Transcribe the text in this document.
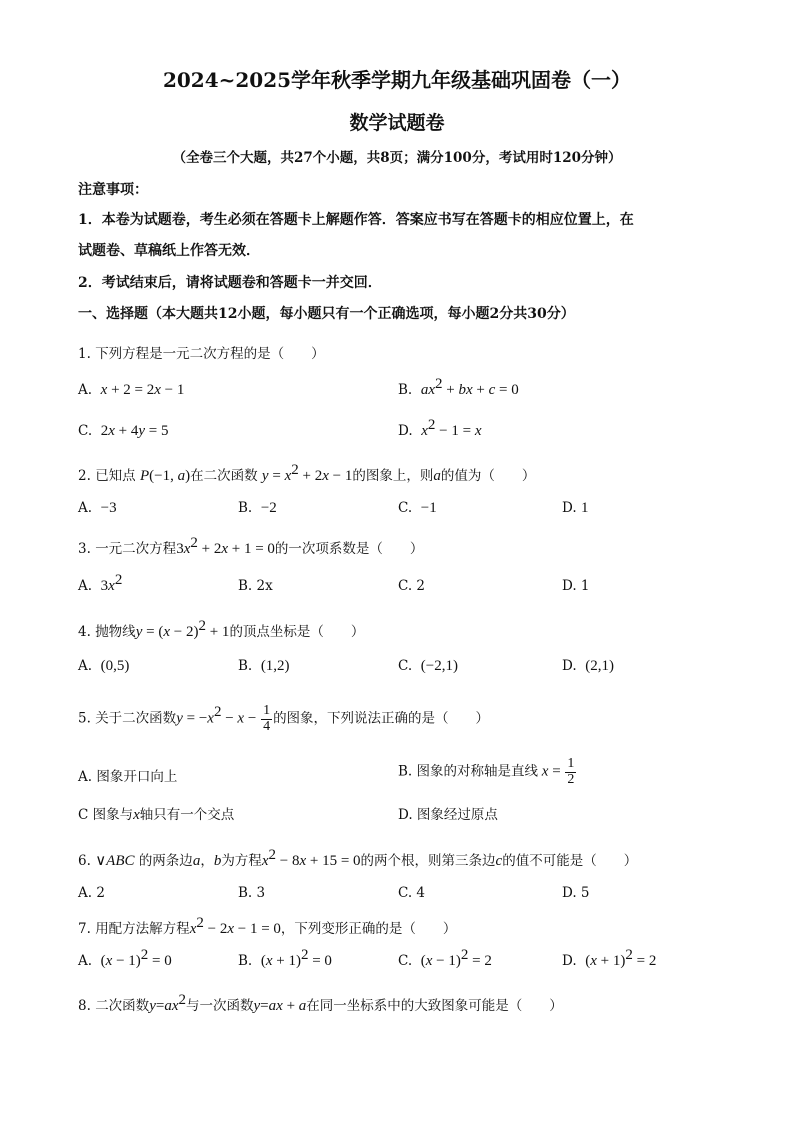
2024~2025学年秋季学期九年级基础巩固卷（一）
数学试题卷
（全卷三个大题，共27个小题，共8页；满分100分，考试用时120分钟）
注意事项：
1．本卷为试题卷，考生必须在答题卡上解题作答．答案应书写在答题卡的相应位置上，在
试题卷、草稿纸上作答无效．
2．考试结束后，请将试题卷和答题卡一并交回．
一、选择题（本大题共12小题，每小题只有一个正确选项，每小题2分共30分）
1. 下列方程是一元二次方程的是（　　）
A. x + 2 = 2x − 1	B. $ax^2$ + bx + c = 0
C. 2x + 4y = 5	D. $x^2 - 1 = x$
2. 已知点 P(−1, a)在二次函数 $y = x^2 + 2x - 1$的图象上，则a的值为（　　）
A. −3	B. −2	C. −1	D. 1
3. 一元二次方程$3x^2 + 2x + 1 = 0$的一次项系数是（　　）
A. $3x^2$	B. 2x	C. 2	D. 1
4. 抛物线$y = (x - 2)^2 + 1$的顶点坐标是（　　）
A. (0,5)	B. (1,2)	C. (−2,1)	D. (2,1)
5. 关于二次函数$y = -x^2 - x - \frac{1}{4}$ 的图象，下列说法正确的是（　　）
A. 图象开口向上	B. 图象的对称轴是直线 $x = \frac{1}{2}$
C 图象与x轴只有一个交点	D. 图象经过原点
6. ∨ABC 的两条边a，b为方程$x^2 - 8x + 15 = 0$的两个根，则第三条边c的值不可能是（　　）
A. 2	B. 3	C. 4	D. 5
7. 用配方法解方程$x^2 - 2x - 1 = 0$，下列变形正确的是（　　）
A. $(x - 1)^2 = 0$	B. $(x + 1)^2 = 0$	C. $(x - 1)^2 = 2$	D. $(x + 1)^2 = 2$
8. 二次函数$y=ax^2$与一次函数y=ax + a在同一坐标系中的大致图象可能是（　　）
